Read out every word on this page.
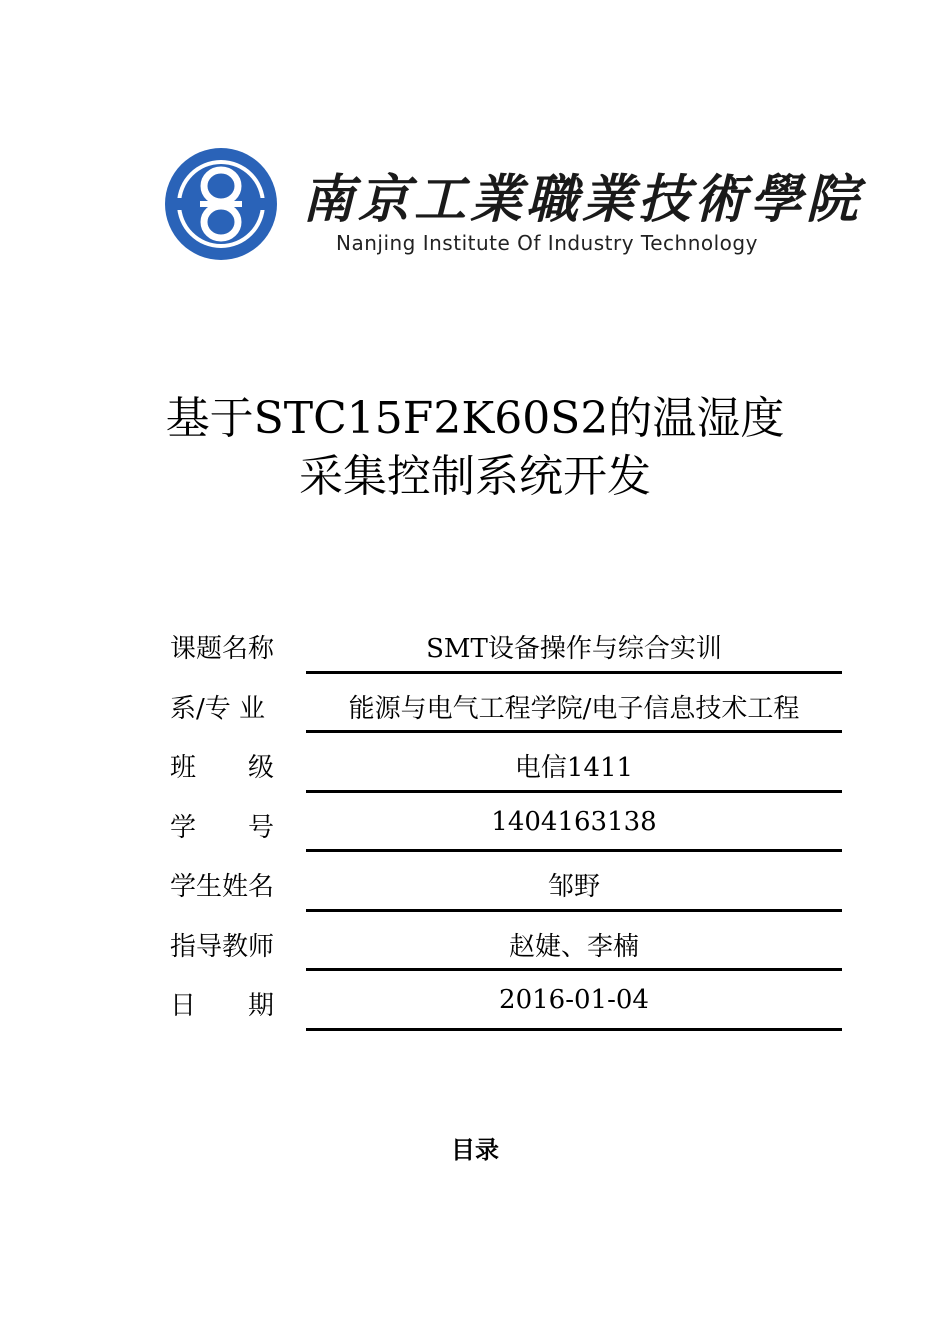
南京工業職業技術學院
Nanjing Institute Of Industry Technology
基于STC15F2K60S2的温湿度
采集控制系统开发
课题名称	SMT设备操作与综合实训
系/专 业	能源与电气工程学院/电子信息技术工程
班　　级	电信1411
学　　号	1404163138
学生姓名	邹野
指导教师	赵婕、李楠
日　　期	2016-01-04
目录
